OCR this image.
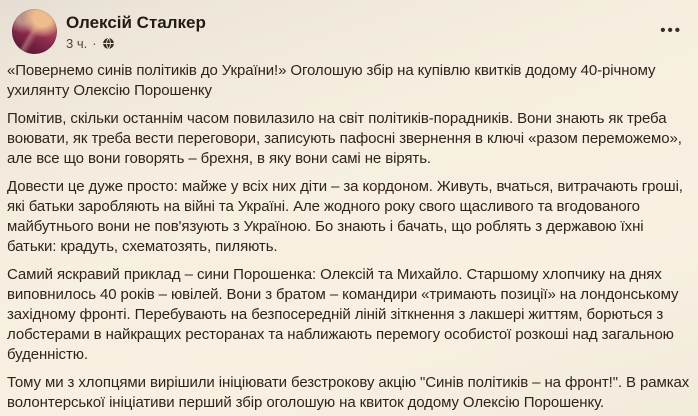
Олексій Сталкер
3 ч. ·
•••

«Повернемо синів політиків до України!» Оголошую збір на купівлю квитків додому 40-річному ухилянту Олексію Порошенку

Помітив, скільки останнім часом повилазило на світ політиків-порадників. Вони знають як треба воювати, як треба вести переговори, записують пафосні звернення в ключі «разом переможемо», але все що вони говорять – брехня, в яку вони самі не вірять.

Довести це дуже просто: майже у всіх них діти – за кордоном. Живуть, вчаться, витрачають гроші, які батьки заробляють на війні та Україні. Але жодного року свого щасливого та вгодованого майбутнього вони не пов'язують з Україною. Бо знають і бачать, що роблять з державою їхні батьки: крадуть, схематозять, пиляють.

Самий яскравий приклад – сини Порошенка: Олексій та Михайло. Старшому хлопчику на днях виповнилось 40 років – ювілей. Вони з братом – командири «тримають позиції» на лондонському західному фронті. Перебувають на безпосередній ліній зіткнення з лакшері життям, борються з лобстерами в найкращих ресторанах та наближають перемогу особистої розкоші над загальною буденністю.

Тому ми з хлопцями вирішили ініціювати безстрокову акцію "Синів політиків – на фронт!". В рамках волонтерської ініціативи перший збір оголошую на квиток додому Олексію Порошенку.
